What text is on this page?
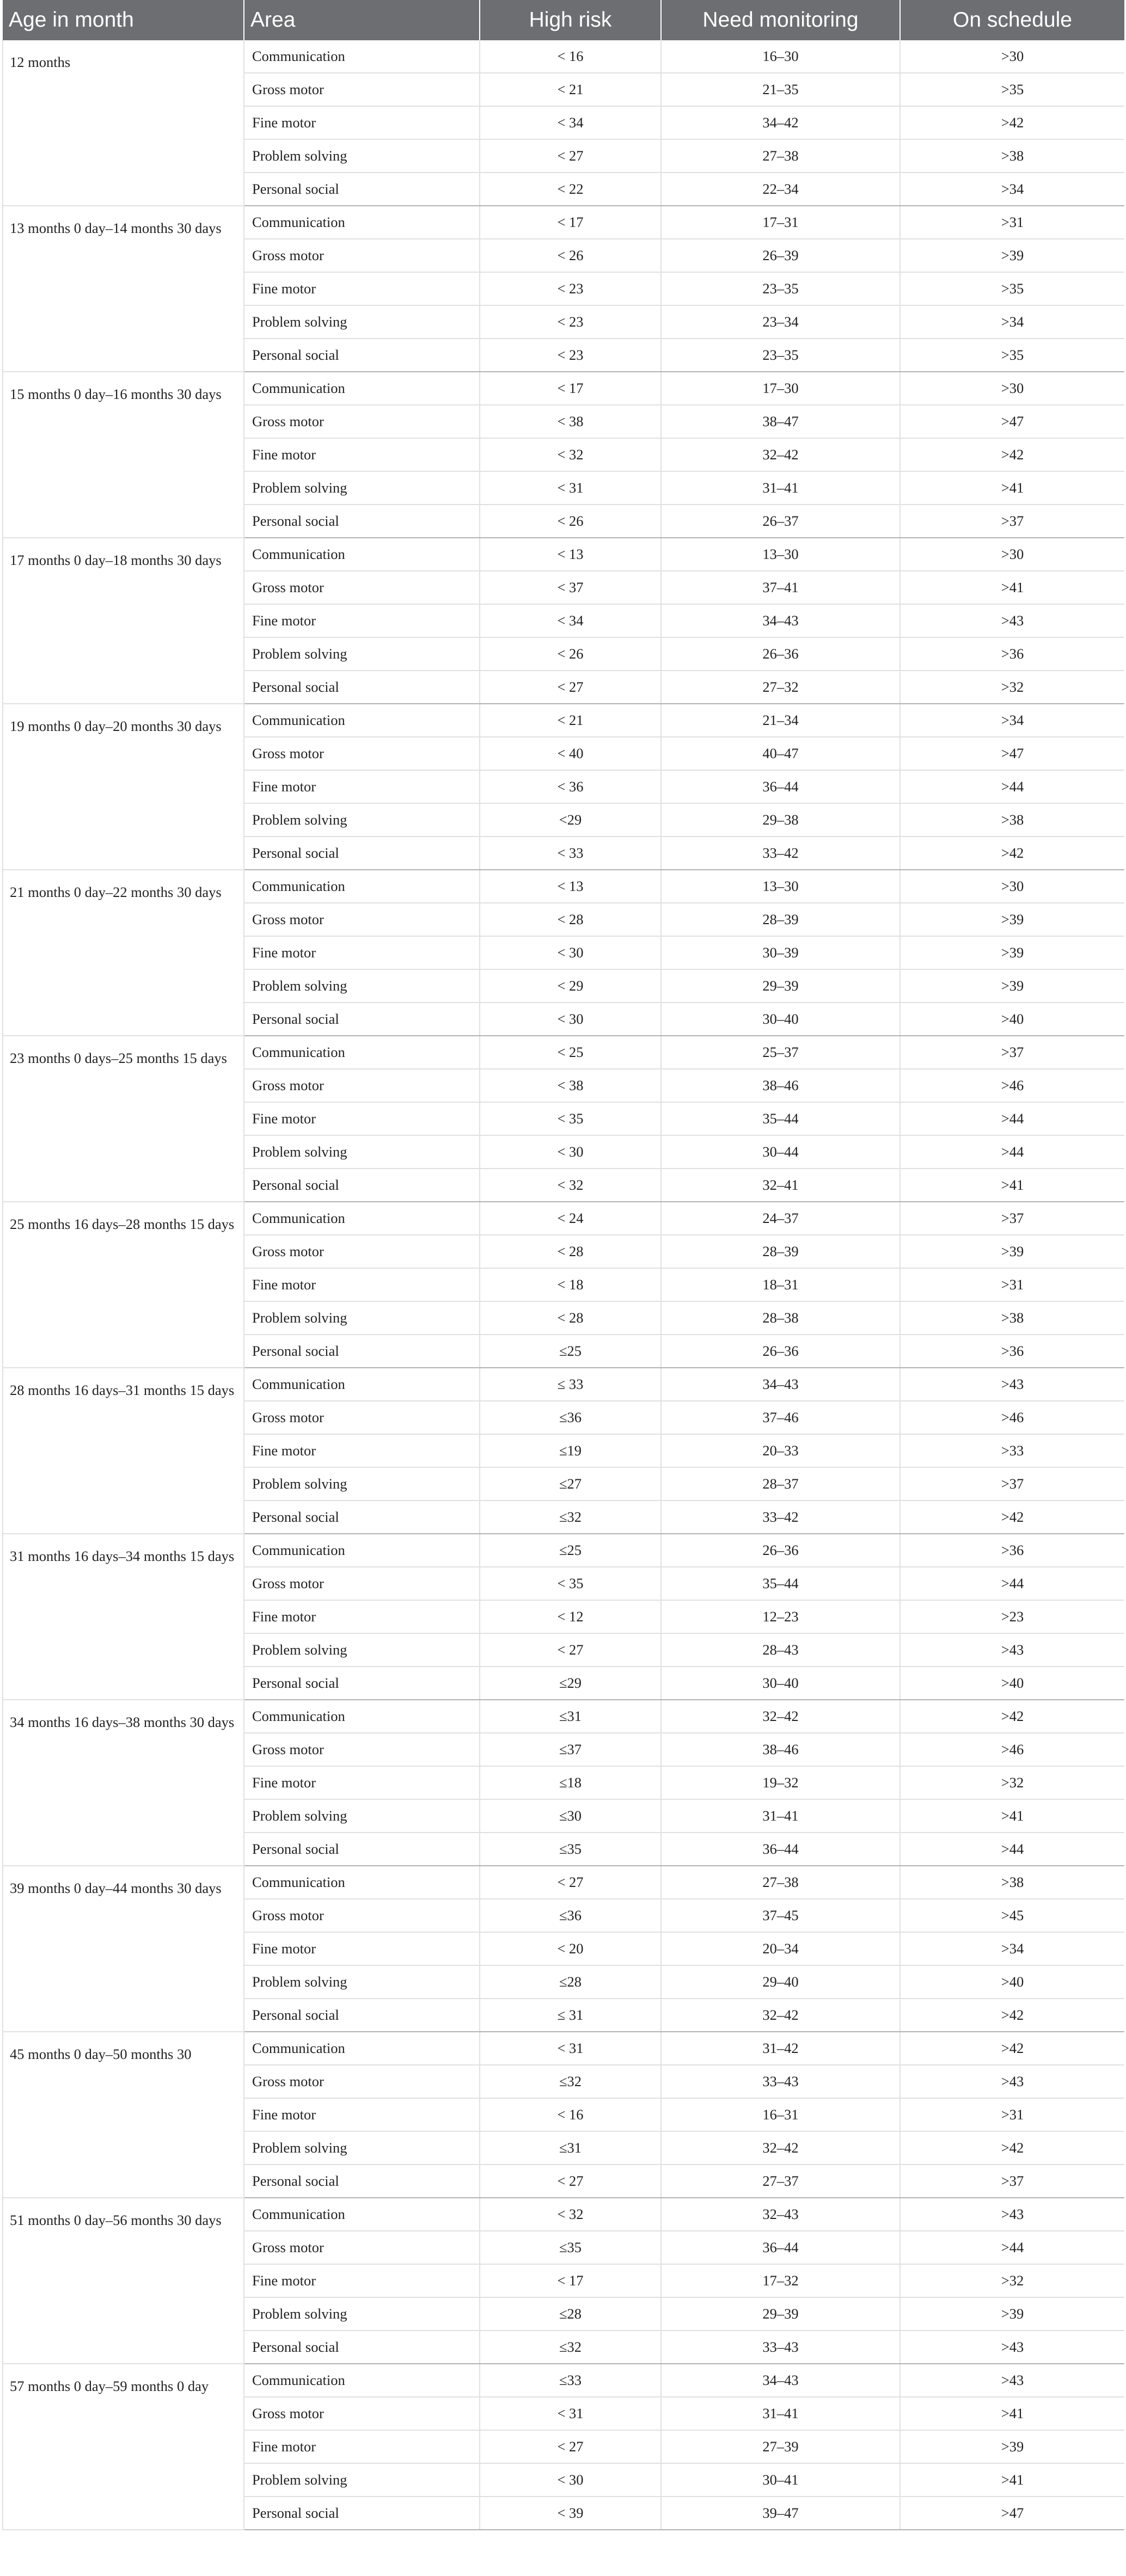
Age in month	Area	High risk	Need monitoring	On schedule
12 months	Communication	< 16	16–30	>30
	Gross motor	< 21	21–35	>35
	Fine motor	< 34	34–42	>42
	Problem solving	< 27	27–38	>38
	Personal social	< 22	22–34	>34
13 months 0 day–14 months 30 days	Communication	< 17	17–31	>31
	Gross motor	< 26	26–39	>39
	Fine motor	< 23	23–35	>35
	Problem solving	< 23	23–34	>34
	Personal social	< 23	23–35	>35
15 months 0 day–16 months 30 days	Communication	< 17	17–30	>30
	Gross motor	< 38	38–47	>47
	Fine motor	< 32	32–42	>42
	Problem solving	< 31	31–41	>41
	Personal social	< 26	26–37	>37
17 months 0 day–18 months 30 days	Communication	< 13	13–30	>30
	Gross motor	< 37	37–41	>41
	Fine motor	< 34	34–43	>43
	Problem solving	< 26	26–36	>36
	Personal social	< 27	27–32	>32
19 months 0 day–20 months 30 days	Communication	< 21	21–34	>34
	Gross motor	< 40	40–47	>47
	Fine motor	< 36	36–44	>44
	Problem solving	<29	29–38	>38
	Personal social	< 33	33–42	>42
21 months 0 day–22 months 30 days	Communication	< 13	13–30	>30
	Gross motor	< 28	28–39	>39
	Fine motor	< 30	30–39	>39
	Problem solving	< 29	29–39	>39
	Personal social	< 30	30–40	>40
23 months 0 days–25 months 15 days	Communication	< 25	25–37	>37
	Gross motor	< 38	38–46	>46
	Fine motor	< 35	35–44	>44
	Problem solving	< 30	30–44	>44
	Personal social	< 32	32–41	>41
25 months 16 days–28 months 15 days	Communication	< 24	24–37	>37
	Gross motor	< 28	28–39	>39
	Fine motor	< 18	18–31	>31
	Problem solving	< 28	28–38	>38
	Personal social	≤25	26–36	>36
28 months 16 days–31 months 15 days	Communication	≤ 33	34–43	>43
	Gross motor	≤36	37–46	>46
	Fine motor	≤19	20–33	>33
	Problem solving	≤27	28–37	>37
	Personal social	≤32	33–42	>42
31 months 16 days–34 months 15 days	Communication	≤25	26–36	>36
	Gross motor	< 35	35–44	>44
	Fine motor	< 12	12–23	>23
	Problem solving	< 27	28–43	>43
	Personal social	≤29	30–40	>40
34 months 16 days–38 months 30 days	Communication	≤31	32–42	>42
	Gross motor	≤37	38–46	>46
	Fine motor	≤18	19–32	>32
	Problem solving	≤30	31–41	>41
	Personal social	≤35	36–44	>44
39 months 0 day–44 months 30 days	Communication	< 27	27–38	>38
	Gross motor	≤36	37–45	>45
	Fine motor	< 20	20–34	>34
	Problem solving	≤28	29–40	>40
	Personal social	≤ 31	32–42	>42
45 months 0 day–50 months 30	Communication	< 31	31–42	>42
	Gross motor	≤32	33–43	>43
	Fine motor	< 16	16–31	>31
	Problem solving	≤31	32–42	>42
	Personal social	< 27	27–37	>37
51 months 0 day–56 months 30 days	Communication	< 32	32–43	>43
	Gross motor	≤35	36–44	>44
	Fine motor	< 17	17–32	>32
	Problem solving	≤28	29–39	>39
	Personal social	≤32	33–43	>43
57 months 0 day–59 months 0 day	Communication	≤33	34–43	>43
	Gross motor	< 31	31–41	>41
	Fine motor	< 27	27–39	>39
	Problem solving	< 30	30–41	>41
	Personal social	< 39	39–47	>47
